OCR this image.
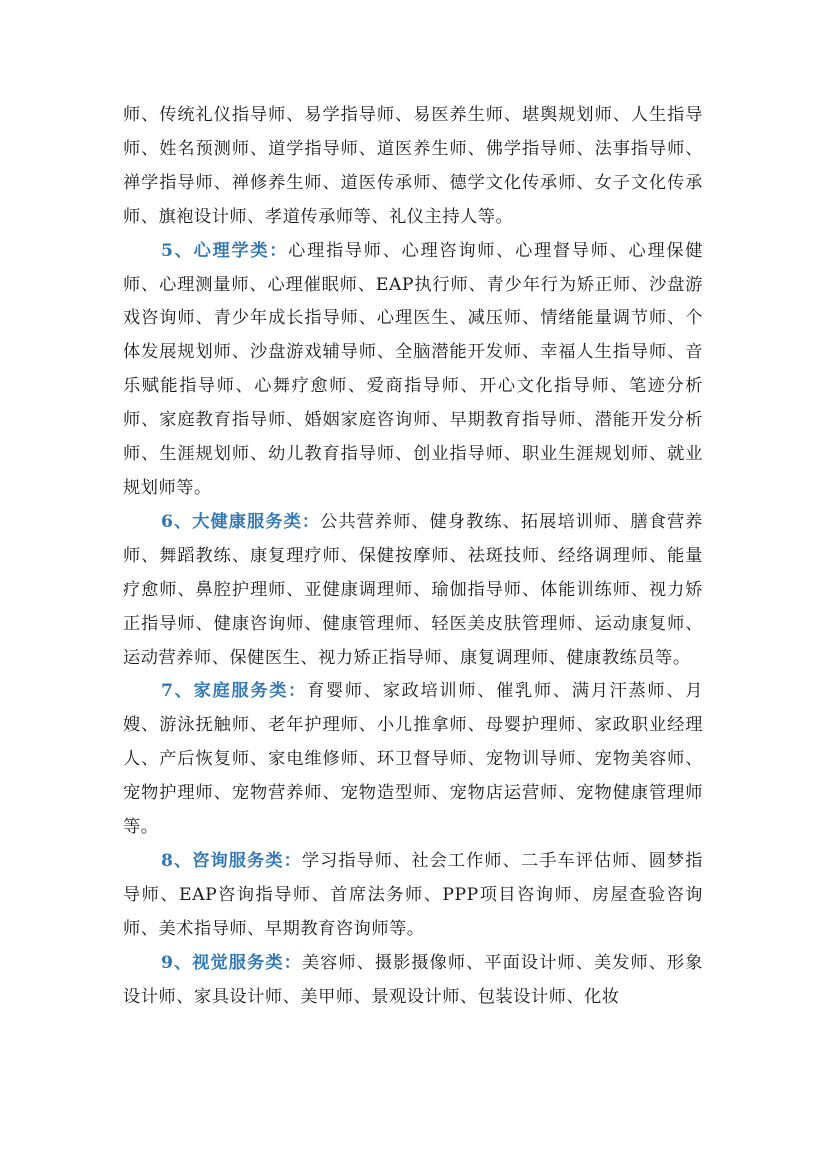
师、传统礼仪指导师、易学指导师、易医养生师、堪舆规划师、人生指导师、姓名预测师、道学指导师、道医养生师、佛学指导师、法事指导师、禅学指导师、禅修养生师、道医传承师、德学文化传承师、女子文化传承师、旗袍设计师、孝道传承师等、礼仪主持人等。

5、心理学类：心理指导师、心理咨询师、心理督导师、心理保健师、心理测量师、心理催眠师、EAP执行师、青少年行为矫正师、沙盘游戏咨询师、青少年成长指导师、心理医生、减压师、情绪能量调节师、个体发展规划师、沙盘游戏辅导师、全脑潜能开发师、幸福人生指导师、音乐赋能指导师、心舞疗愈师、爱商指导师、开心文化指导师、笔迹分析师、家庭教育指导师、婚姻家庭咨询师、早期教育指导师、潜能开发分析师、生涯规划师、幼儿教育指导师、创业指导师、职业生涯规划师、就业规划师等。

6、大健康服务类：公共营养师、健身教练、拓展培训师、膳食营养师、舞蹈教练、康复理疗师、保健按摩师、祛斑技师、经络调理师、能量疗愈师、鼻腔护理师、亚健康调理师、瑜伽指导师、体能训练师、视力矫正指导师、健康咨询师、健康管理师、轻医美皮肤管理师、运动康复师、运动营养师、保健医生、视力矫正指导师、康复调理师、健康教练员等。

7、家庭服务类：育婴师、家政培训师、催乳师、满月汗蒸师、月嫂、游泳抚触师、老年护理师、小儿推拿师、母婴护理师、家政职业经理人、产后恢复师、家电维修师、环卫督导师、宠物训导师、宠物美容师、宠物护理师、宠物营养师、宠物造型师、宠物店运营师、宠物健康管理师等。

8、咨询服务类：学习指导师、社会工作师、二手车评估师、圆梦指导师、EAP咨询指导师、首席法务师、PPP项目咨询师、房屋查验咨询师、美术指导师、早期教育咨询师等。

9、视觉服务类：美容师、摄影摄像师、平面设计师、美发师、形象设计师、家具设计师、美甲师、景观设计师、包装设计师、化妆
